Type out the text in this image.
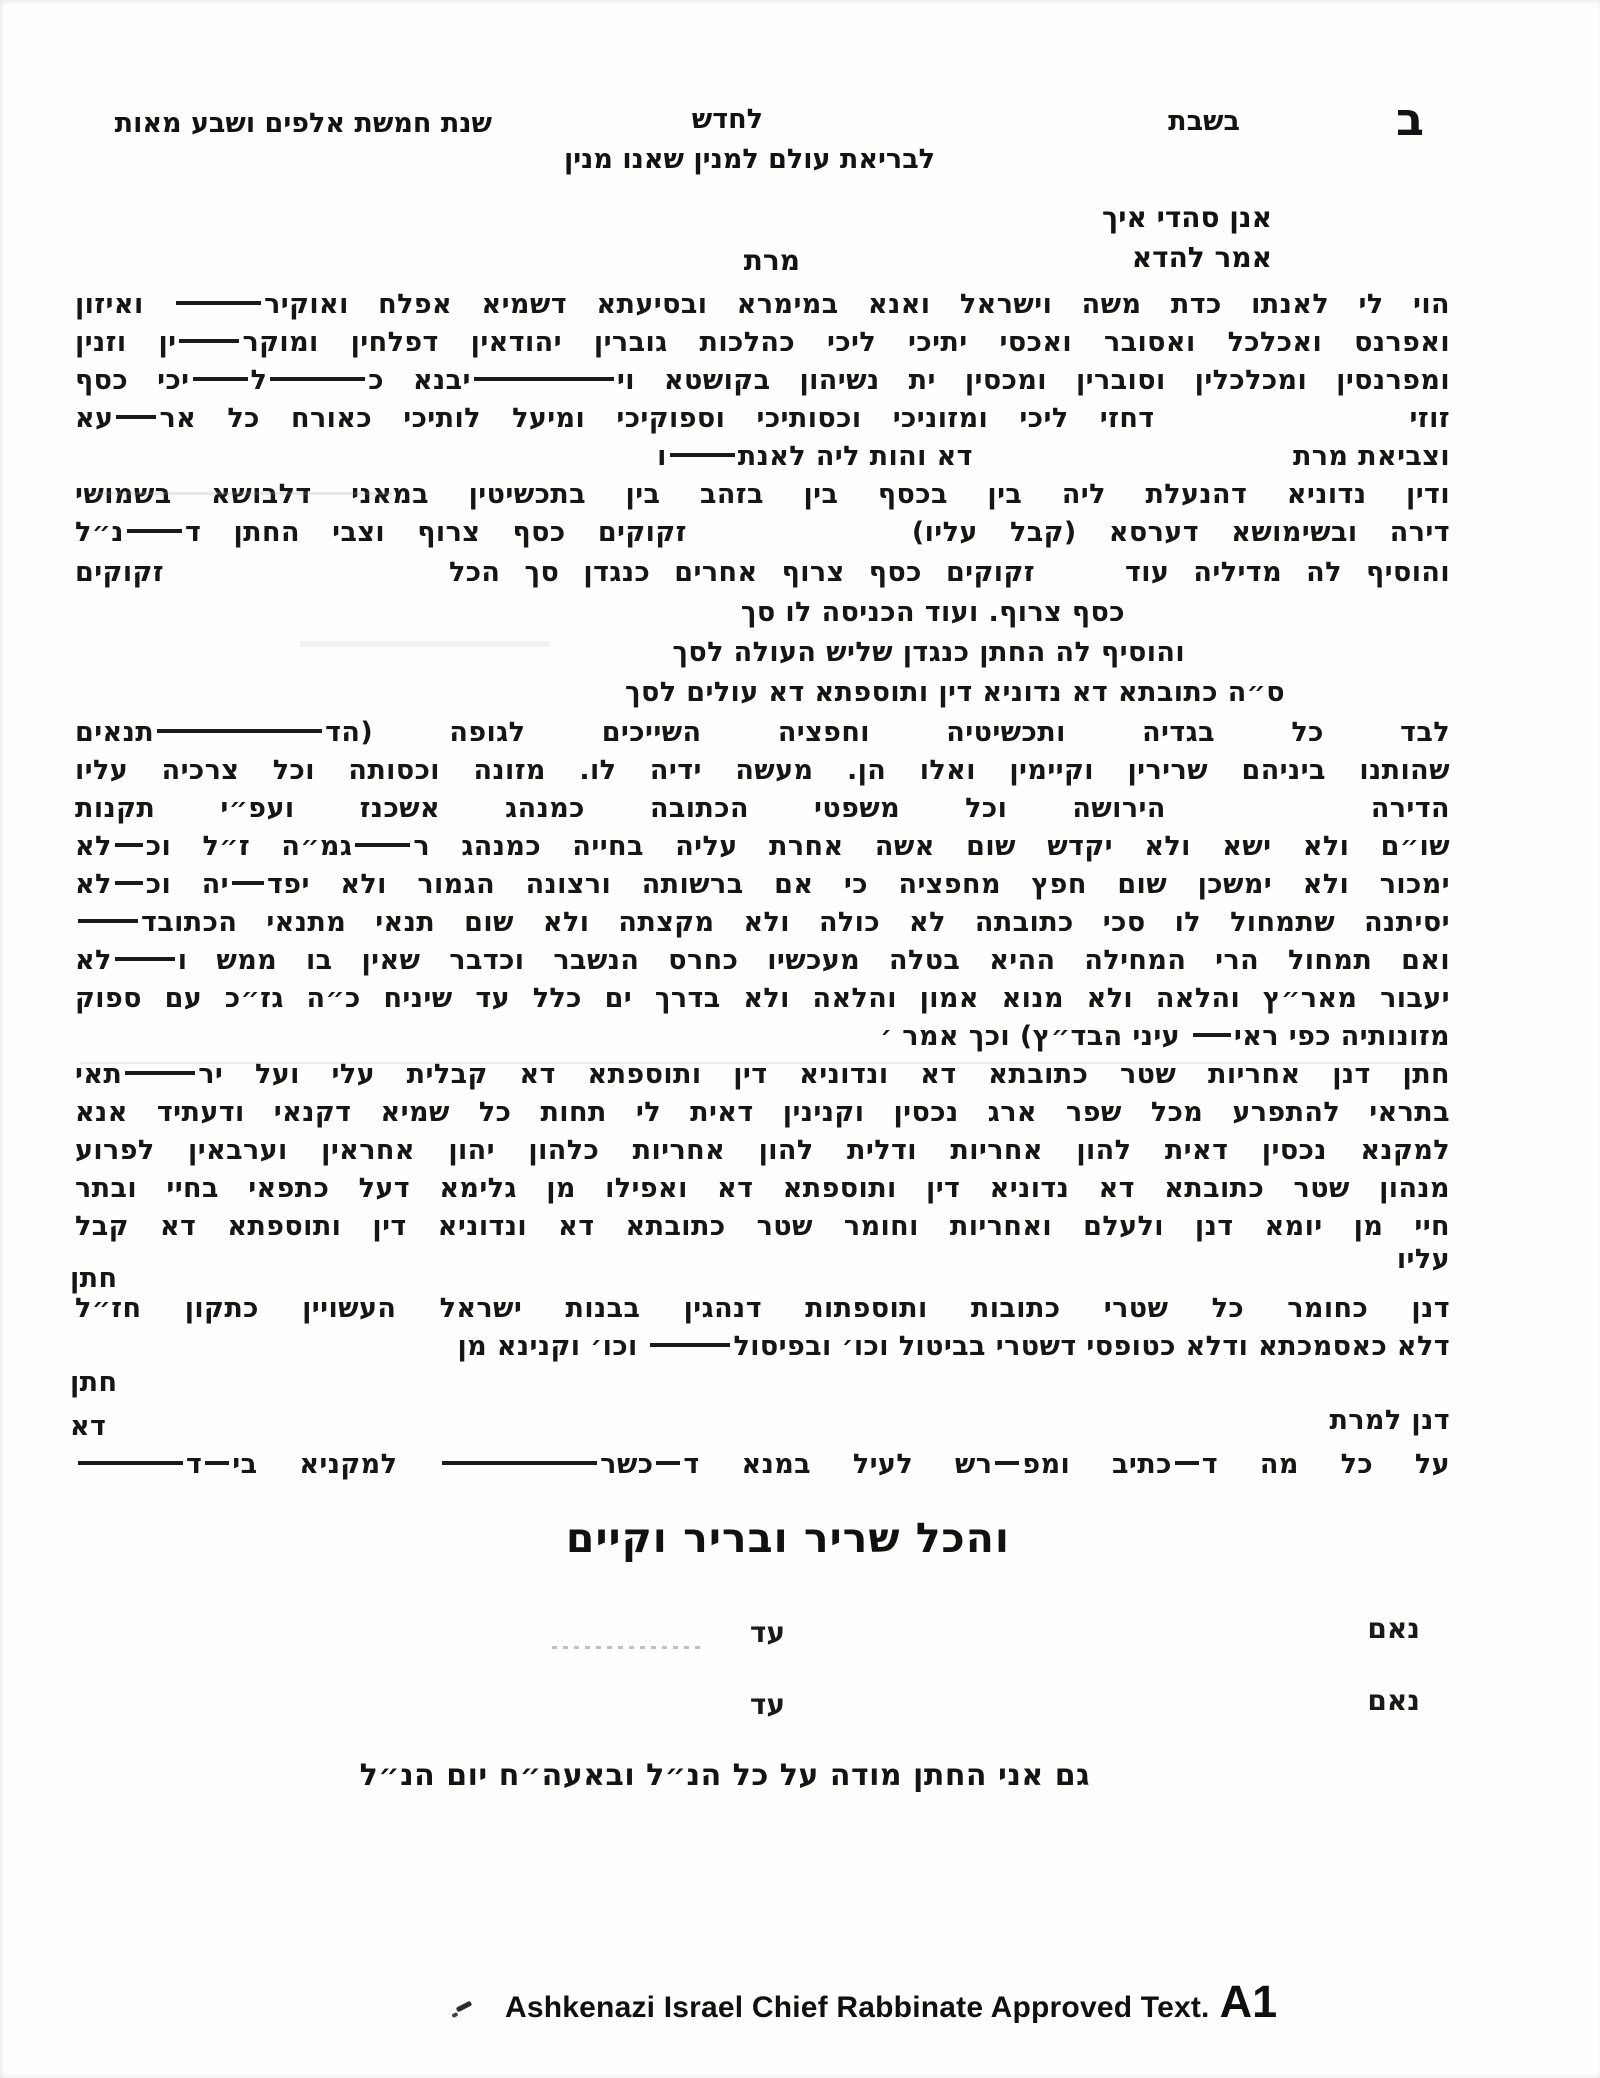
ב
בשבת
לחדש
שנת חמשת אלפים ושבע מאות
לבריאת עולם למנין שאנו מנין
אנן סהדי איך
אמר להדא
מרת
הוי לי לאנתו כדת משה וישראל ואנא במימרא ובסיעתא דשמיא אפלח ואוקיר ואיזון
ואפרנס ואכלכל ואסובר ואכסי יתיכי ליכי כהלכות גוברין יהודאין דפלחין ומוקרין וזנין
ומפרנסין ומכלכלין וסוברין ומכסין ית נשיהון בקושטא וייבנא כליכי כסף
זוזידחזי ליכי ומזוניכי וכסותיכי וספוקיכי ומיעל לותיכי כאורח כל ארעא
וצביאת מרתדא והות ליה לאנתו
ודין נדוניא דהנעלת ליה בין בכסף בין בזהב בין בתכשיטין במאני דלבושא בשמושי
דירה ובשימושא דערסא (קבל עליו)זקוקים כסף צרוף וצבי החתן דנ״ל
והוסיף לה מדיליה עודזקוקים כסף צרוף אחרים כנגדן סך הכלזקוקים
כסף צרוף. ועוד הכניסה לו סך
והוסיף לה החתן כנגדן שליש העולה לסך
ס״ה כתובתא דא נדוניא דין ותוספתא דא עולים לסך
לבד כל בגדיה ותכשיטיה וחפציה השייכים לגופה (הדתנאים
שהותנו ביניהם שרירין וקיימין ואלו הן. מעשה ידיה לו. מזונה וכסותה וכל צרכיה עליו
הדירההירושה וכל משפטי הכתובה כמנהג אשכנז ועפ״י תקנות
שו״ם ולא ישא ולא יקדש שום אשה אחרת עליה בחייה כמנהג רגמ״ה ז״ל וכלא
ימכור ולא ימשכן שום חפץ מחפציה כי אם ברשותה ורצונה הגמור ולא יפדיה וכלא
יסיתנה שתמחול לו סכי כתובתה לא כולה ולא מקצתה ולא שום תנאי מתנאי הכתובד
ואם תמחול הרי המחילה ההיא בטלה מעכשיו כחרס הנשבר וכדבר שאין בו ממש ולא
יעבור מאר״ץ והלאה ולא מנוא אמון והלאה ולא בדרך ים כלל עד שיניח כ״ה גז״כ עם ספוק
מזונותיה כפי ראי עיני הבד״ץ) וכך אמר ׳
חתן דנן אחריות שטר כתובתא דא ונדוניא דין ותוספתא דא קבלית עלי ועל ירתאי
בתראי להתפרע מכל שפר ארג נכסין וקנינין דאית לי תחות כל שמיא דקנאי ודעתיד אנא
למקנא נכסין דאית להון אחריות ודלית להון אחריות כלהון יהון אחראין וערבאין לפרוע
מנהון שטר כתובתא דא נדוניא דין ותוספתא דא ואפילו מן גלימא דעל כתפאי בחיי ובתר
חיי מן יומא דנן ולעלם ואחריות וחומר שטר כתובתא דא ונדוניא דין ותוספתא דא קבל
עליו
חתן
דנן כחומר כל שטרי כתובות ותוספתות דנהגין בבנות ישראל העשויין כתקון חז״ל
דלא כאסמכתא ודלא כטופסי דשטרי בביטול וכו׳ ובפיסול וכו׳ וקנינא מן
חתן
דנן למרת
דא
על כל מה דכתיב ומפרש לעיל במנא דכשר למקניא ביד
והכל שריר ובריר וקיים
נאם
עד
נאם
עד
גם אני החתן מודה על כל הנ״ל ובאעה״ח יום הנ״ל
Ashkenazi Israel Chief Rabbinate Approved Text. A1
